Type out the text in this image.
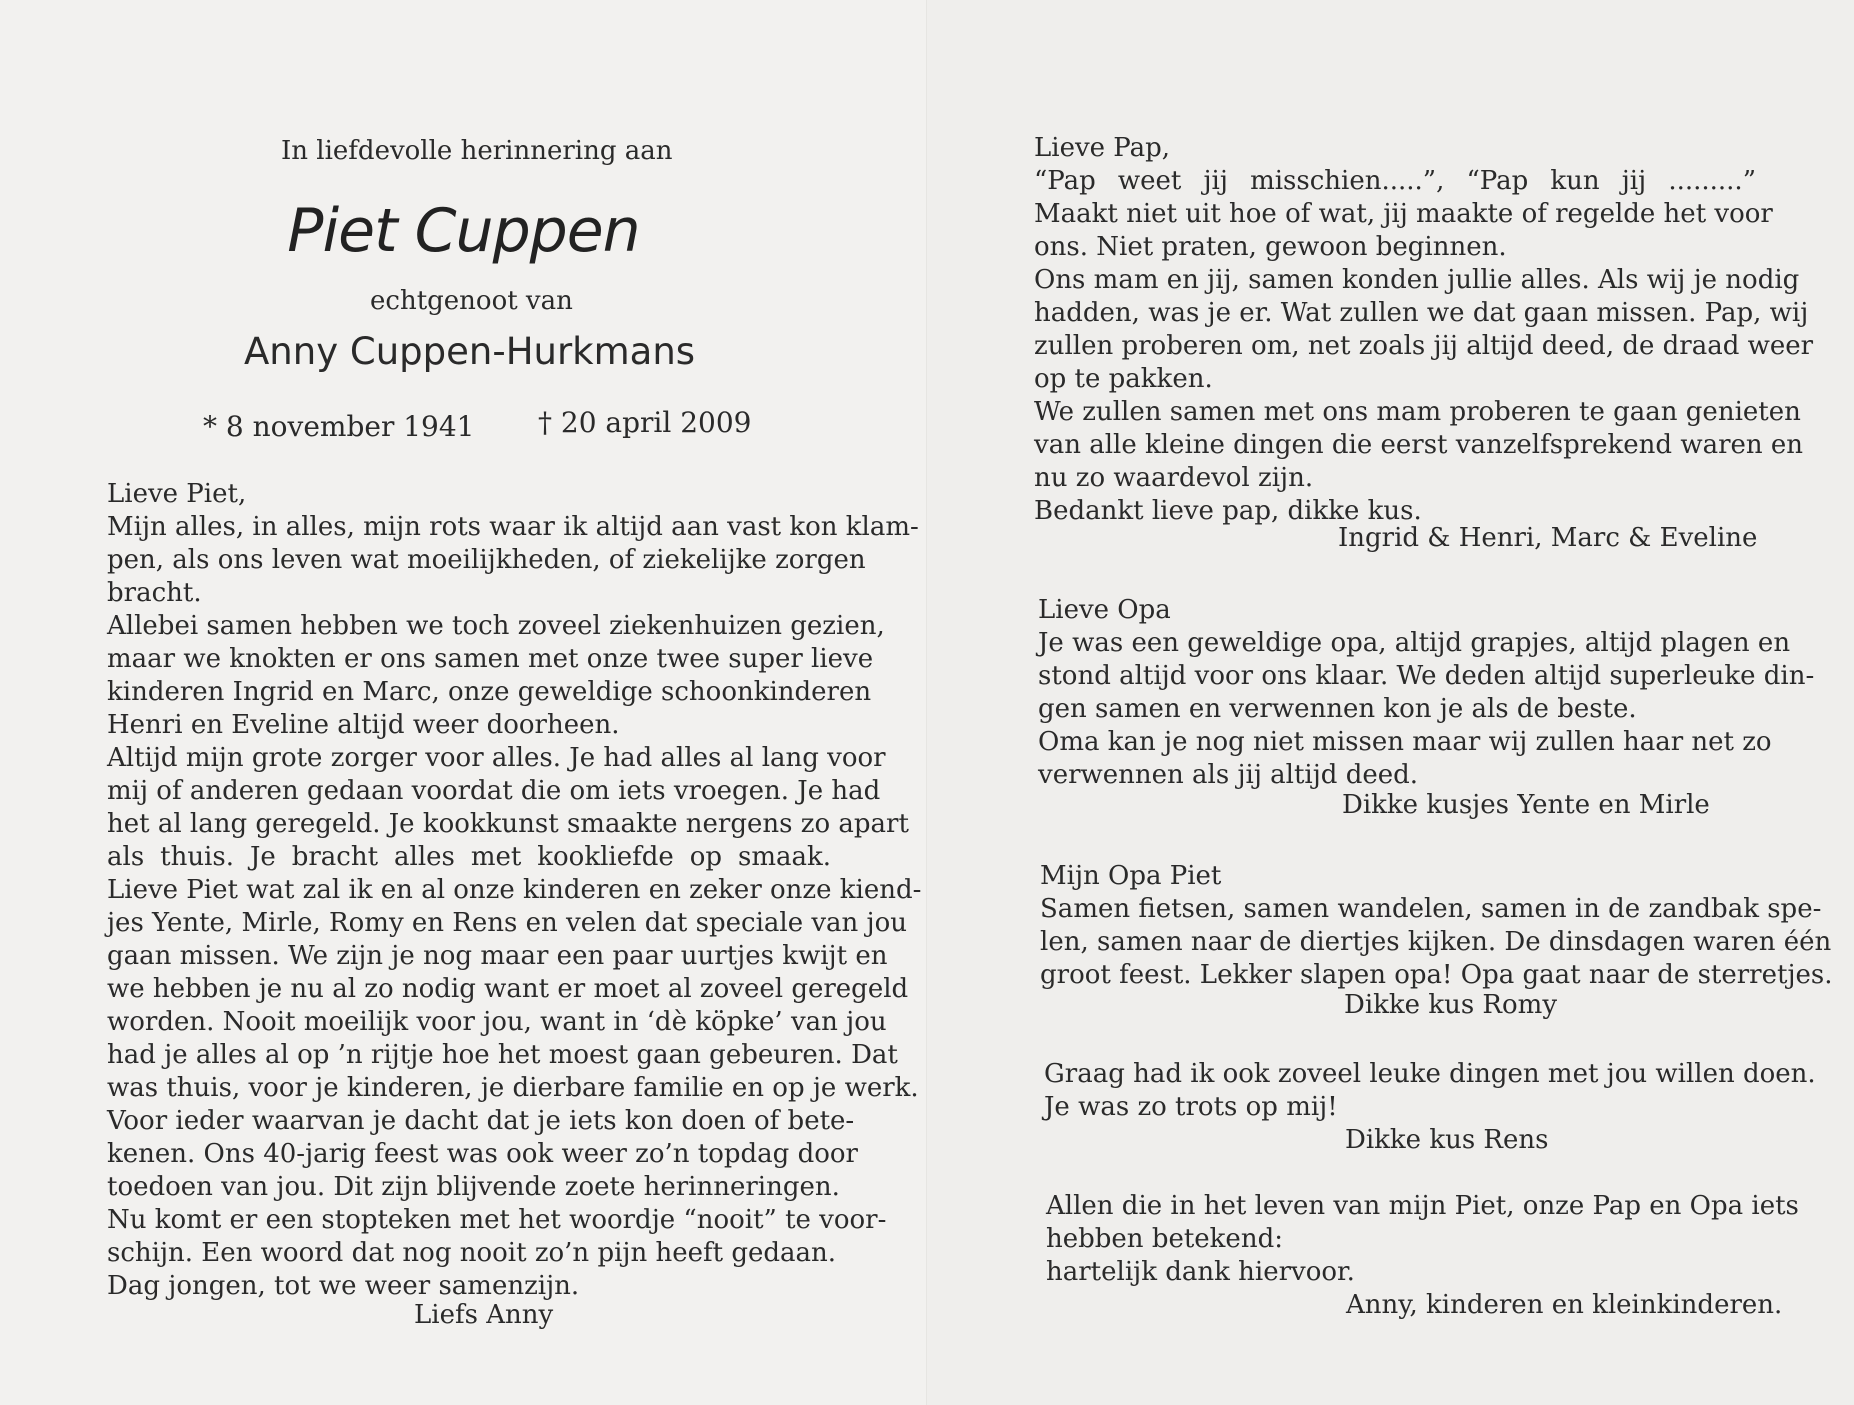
In liefdevolle herinnering aan
Piet Cuppen
echtgenoot van
Anny Cuppen-Hurkmans
* 8 november 1941 † 20 april 2009
Lieve Piet,
Mijn alles, in alles, mijn rots waar ik altijd aan vast kon klam-
pen, als ons leven wat moeilijkheden, of ziekelijke zorgen
bracht.
Allebei samen hebben we toch zoveel ziekenhuizen gezien,
maar we knokten er ons samen met onze twee super lieve
kinderen Ingrid en Marc, onze geweldige schoonkinderen
Henri en Eveline altijd weer doorheen.
Altijd mijn grote zorger voor alles. Je had alles al lang voor
mij of anderen gedaan voordat die om iets vroegen. Je had
het al lang geregeld. Je kookkunst smaakte nergens zo apart
als thuis. Je bracht alles met kookliefde op smaak.
Lieve Piet wat zal ik en al onze kinderen en zeker onze kiend-
jes Yente, Mirle, Romy en Rens en velen dat speciale van jou
gaan missen. We zijn je nog maar een paar uurtjes kwijt en
we hebben je nu al zo nodig want er moet al zoveel geregeld
worden. Nooit moeilijk voor jou, want in ‘dè köpke’ van jou
had je alles al op ’n rijtje hoe het moest gaan gebeuren. Dat
was thuis, voor je kinderen, je dierbare familie en op je werk.
Voor ieder waarvan je dacht dat je iets kon doen of bete-
kenen. Ons 40-jarig feest was ook weer zo’n topdag door
toedoen van jou. Dit zijn blijvende zoete herinneringen.
Nu komt er een stopteken met het woordje “nooit” te voor-
schijn. Een woord dat nog nooit zo’n pijn heeft gedaan.
Dag jongen, tot we weer samenzijn.
Liefs Anny
Lieve Pap,
“Pap weet jij misschien.....”, “Pap kun jij .........”
Maakt niet uit hoe of wat, jij maakte of regelde het voor
ons. Niet praten, gewoon beginnen.
Ons mam en jij, samen konden jullie alles. Als wij je nodig
hadden, was je er. Wat zullen we dat gaan missen. Pap, wij
zullen proberen om, net zoals jij altijd deed, de draad weer
op te pakken.
We zullen samen met ons mam proberen te gaan genieten
van alle kleine dingen die eerst vanzelfsprekend waren en
nu zo waardevol zijn.
Bedankt lieve pap, dikke kus.
Ingrid & Henri, Marc & Eveline
Lieve Opa
Je was een geweldige opa, altijd grapjes, altijd plagen en
stond altijd voor ons klaar. We deden altijd superleuke din-
gen samen en verwennen kon je als de beste.
Oma kan je nog niet missen maar wij zullen haar net zo
verwennen als jij altijd deed.
Dikke kusjes Yente en Mirle
Mijn Opa Piet
Samen fietsen, samen wandelen, samen in de zandbak spe-
len, samen naar de diertjes kijken. De dinsdagen waren één
groot feest. Lekker slapen opa! Opa gaat naar de sterretjes.
Dikke kus Romy
Graag had ik ook zoveel leuke dingen met jou willen doen.
Je was zo trots op mij!
Dikke kus Rens
Allen die in het leven van mijn Piet, onze Pap en Opa iets
hebben betekend:
hartelijk dank hiervoor.
Anny, kinderen en kleinkinderen.
